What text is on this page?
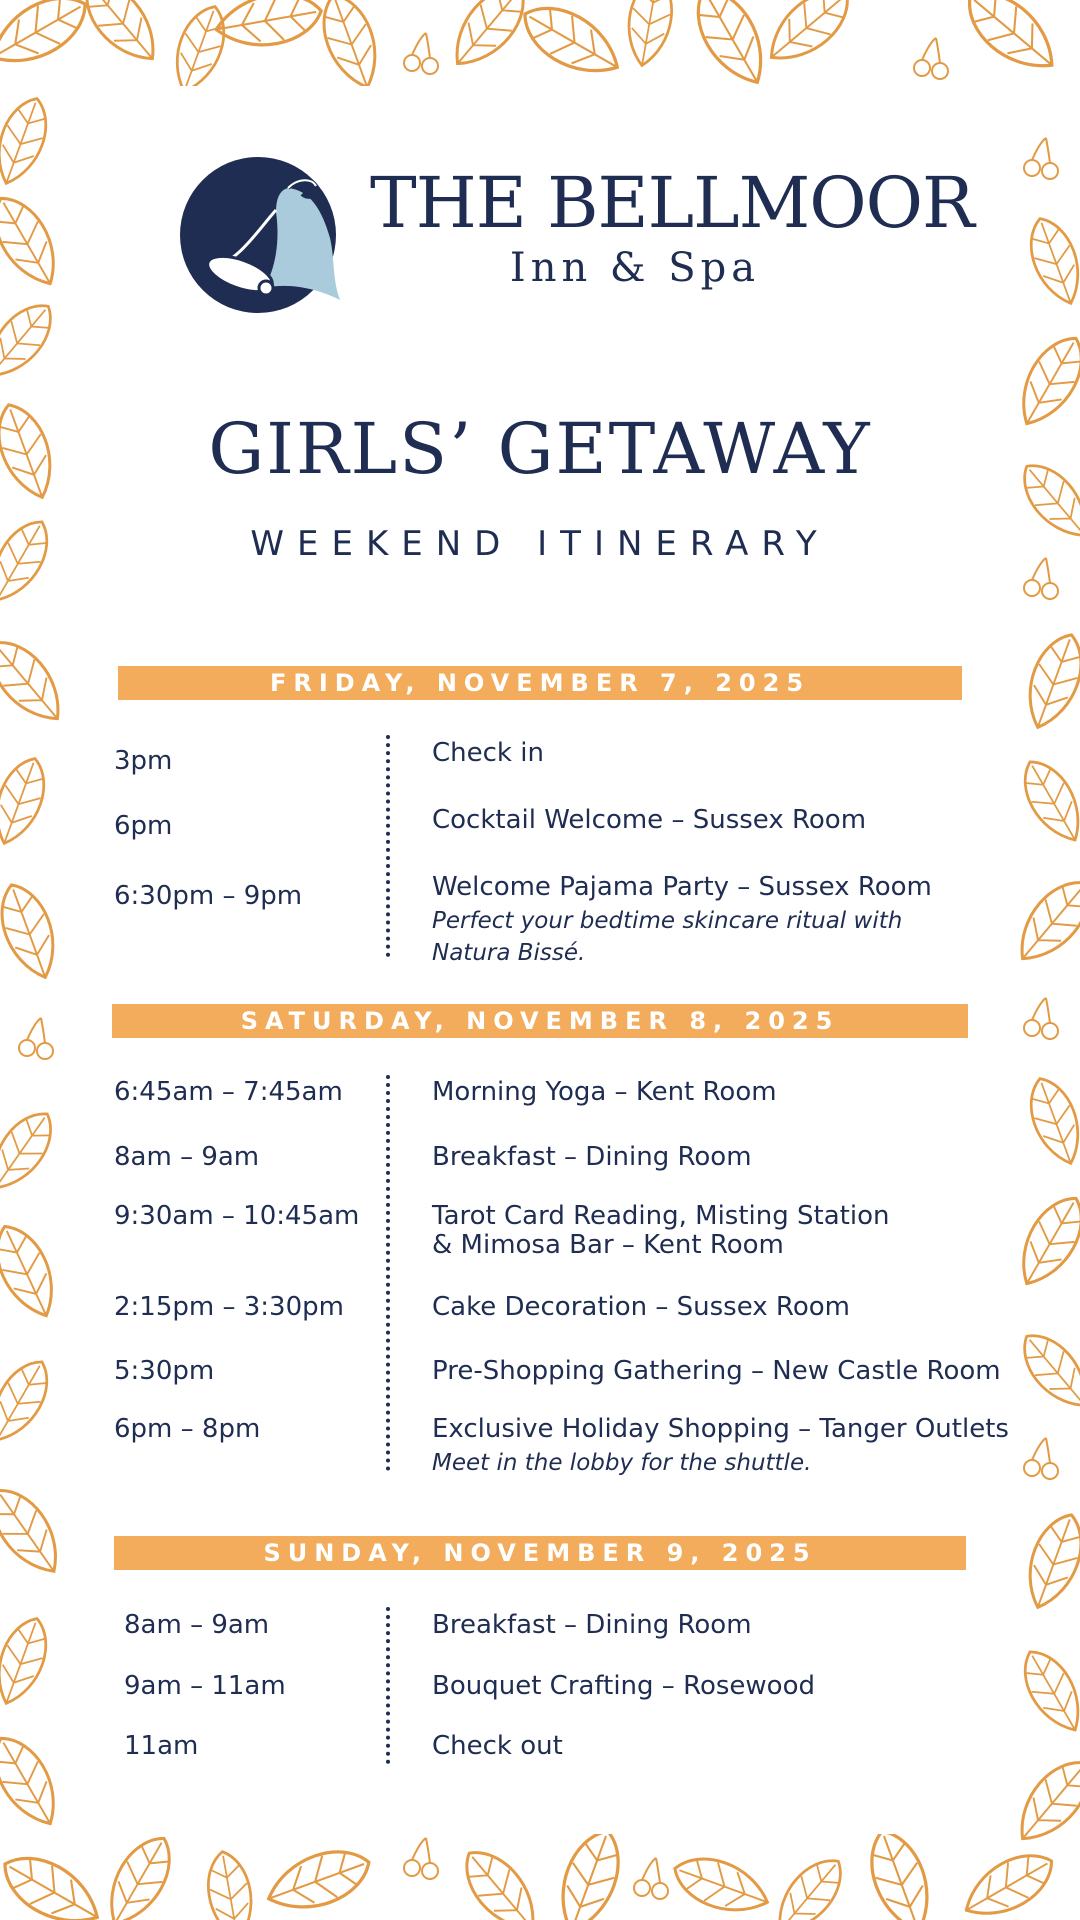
THE BELLMOOR
Inn & Spa
GIRLS’ GETAWAY
WEEKEND ITINERARY
FRIDAY, NOVEMBER 7, 2025
3pm	Check in
6pm	Cocktail Welcome – Sussex Room
6:30pm – 9pm	Welcome Pajama Party – Sussex Room
Perfect your bedtime skincare ritual with
Natura Bissé.
SATURDAY, NOVEMBER 8, 2025
6:45am – 7:45am	Morning Yoga – Kent Room
8am – 9am	Breakfast – Dining Room
9:30am – 10:45am	Tarot Card Reading, Misting Station
& Mimosa Bar – Kent Room
2:15pm – 3:30pm	Cake Decoration – Sussex Room
5:30pm	Pre-Shopping Gathering – New Castle Room
6pm – 8pm	Exclusive Holiday Shopping – Tanger Outlets
Meet in the lobby for the shuttle.
SUNDAY, NOVEMBER 9, 2025
8am – 9am	Breakfast – Dining Room
9am – 11am	Bouquet Crafting – Rosewood
11am	Check out
